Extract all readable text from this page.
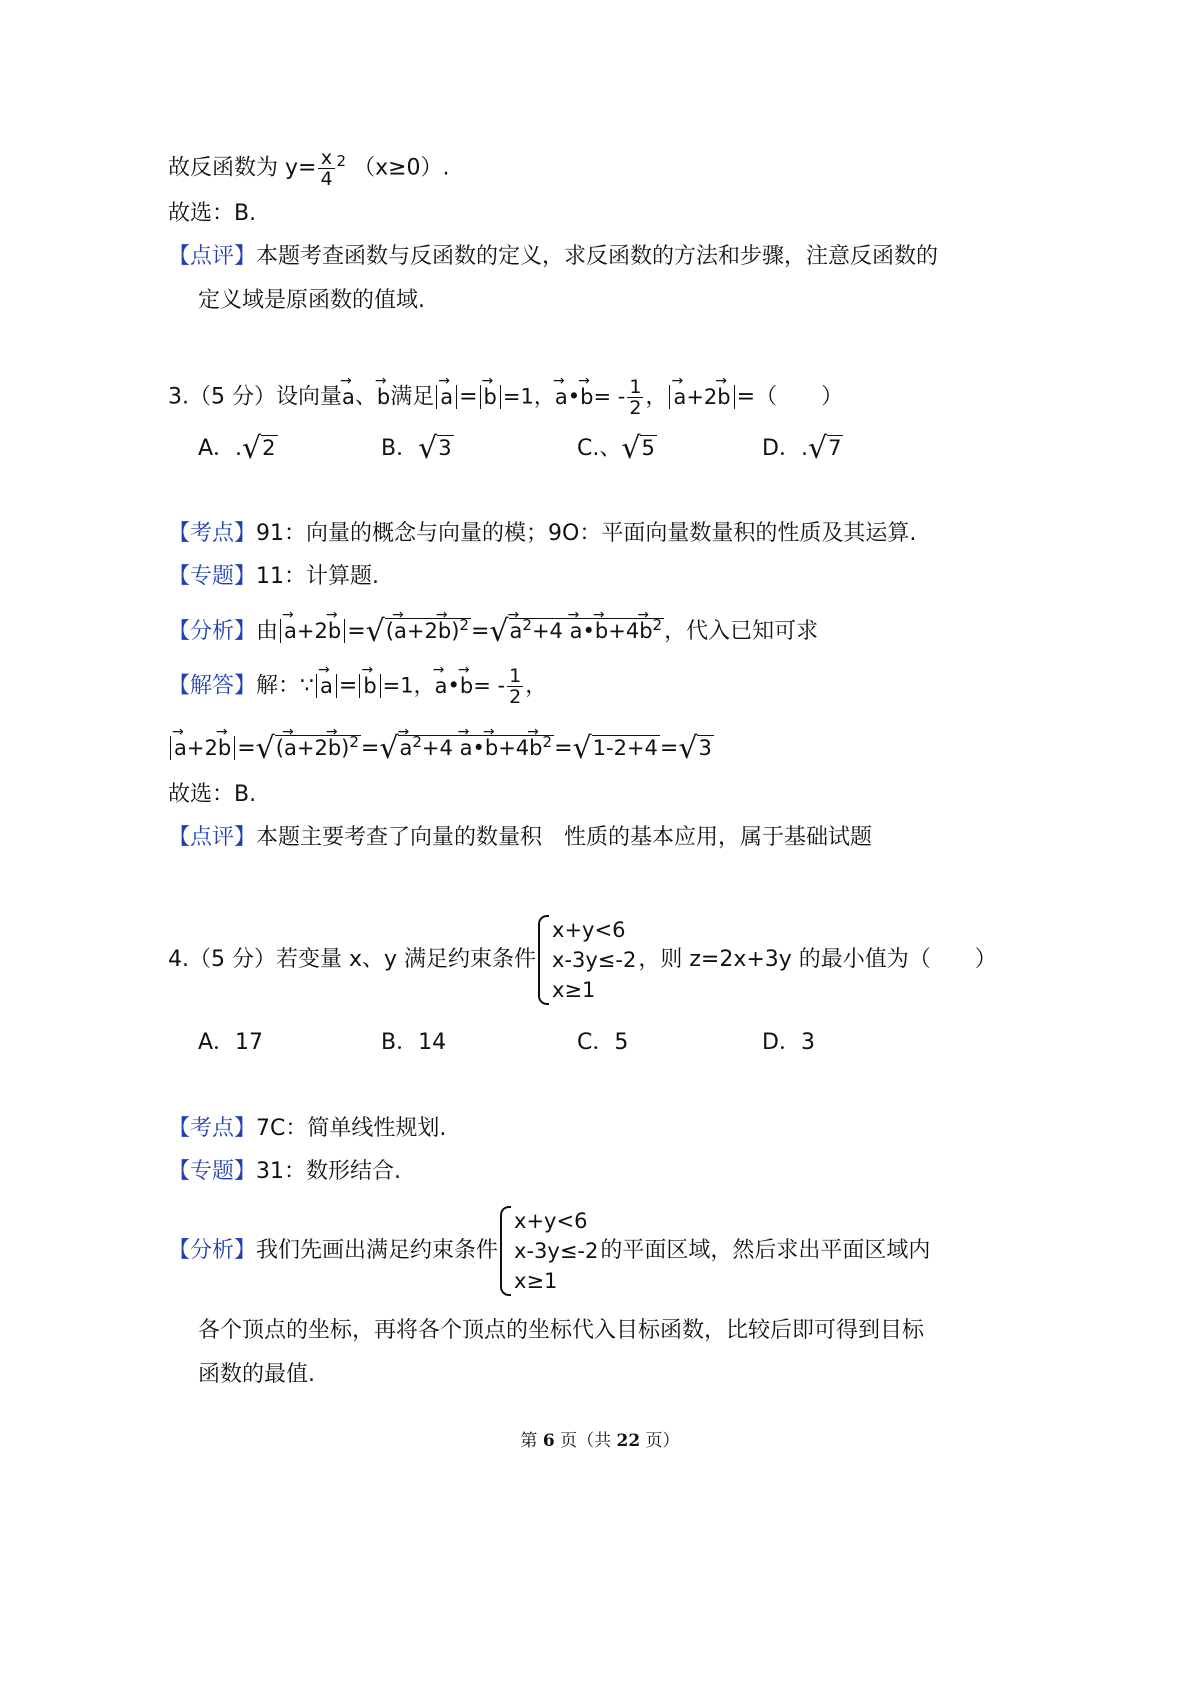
故反函数为 $y= \frac{x}{4} ^2$ （x≥0）.
故选：B.
【点评】本题考查函数与反函数的定义，求反函数的方法和步骤，注意反函数的
定义域是原函数的值域.
3.（5 分）设向量→ a、→ b满足 → a = → b =1，→ a•→ $b= - \frac{1}{2}$ ， → a+2→ b =（　　）
A．.√2	B．√3	C.、√5	D．.√7
【考点】91：向量的概念与向量的模；9O：平面向量数量积的性质及其运算.
【专题】11：计算题.
【分析】由 → a+2→ b =√(→ $a+2\to b)^2=√\to a^2+4$ → a•→ $b+4\to b^2$，代入已知可求
【解答】解：∵ → a = → b =1，→ a•→ $b= - \frac{1}{2}$ ，
→ a+2→ b =√(→ $a+2\to b)^2=√\to a^2+4$ → a•→ $b+4\to b^2=√1-2+4=√3$
故选：B.
【点评】本题主要考查了向量的数量积　性质的基本应用，属于基础试题
4.（5 分）若变量 x、y 满足约束条件
x+y<6
x-3y≤-2
x≥1
，则 z=2x+3y 的最小值为（　　）
A．17	B．14	C．5	D．3
【考点】7C：简单线性规划.
【专题】31：数形结合.
【分析】我们先画出满足约束条件
x+y<6
x-3y≤-2
x≥1
的平面区域，然后求出平面区域内
各个顶点的坐标，再将各个顶点的坐标代入目标函数，比较后即可得到目标
函数的最值.
第 6 页（共 22 页）
